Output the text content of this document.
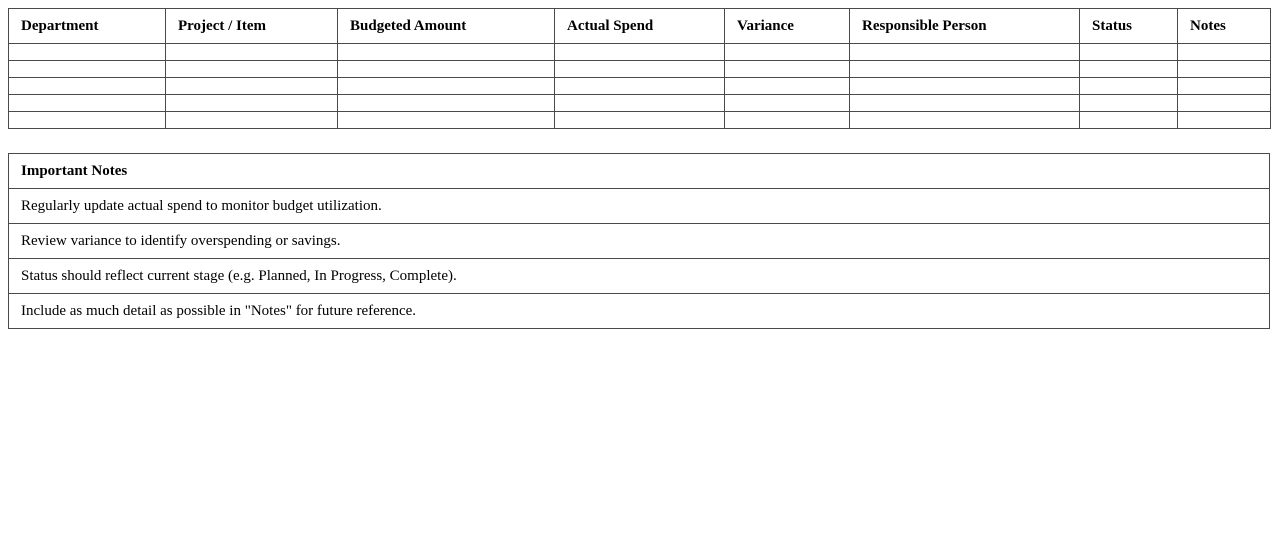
Department	Project / Item	Budgeted Amount	Actual Spend	Variance	Responsible Person	Status	Notes

Important Notes
Regularly update actual spend to monitor budget utilization.
Review variance to identify overspending or savings.
Status should reflect current stage (e.g. Planned, In Progress, Complete).
Include as much detail as possible in "Notes" for future reference.
